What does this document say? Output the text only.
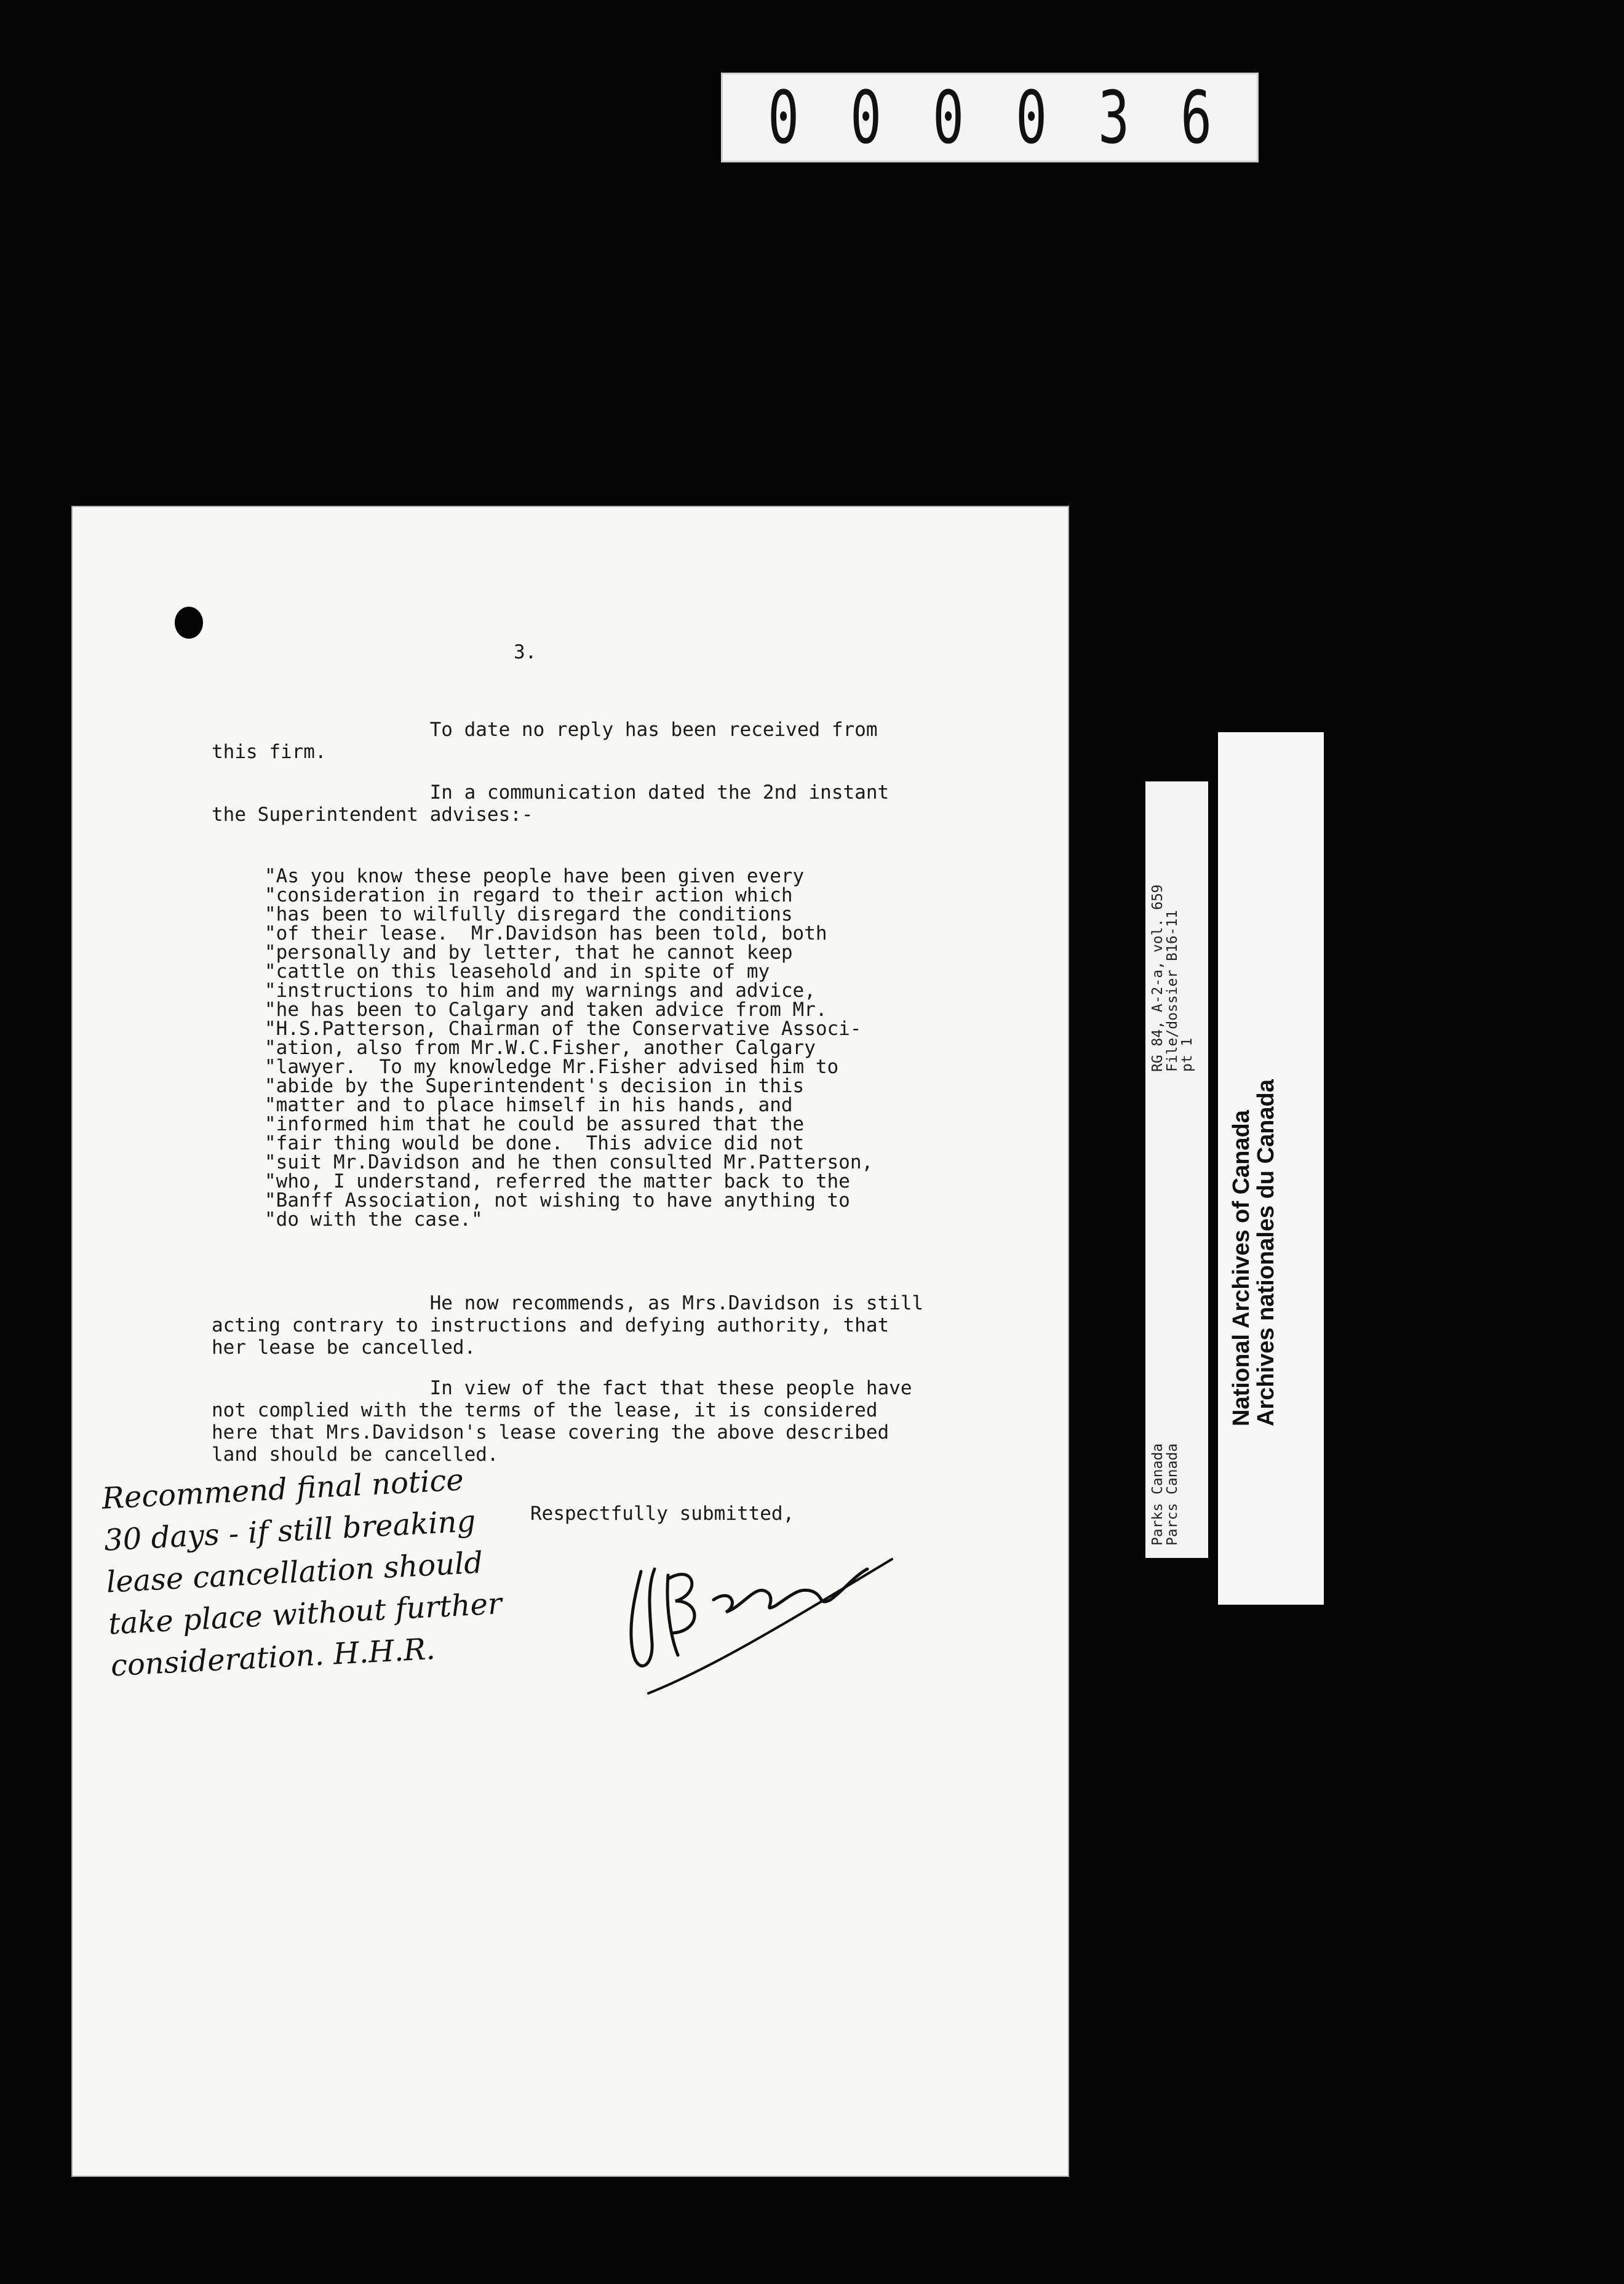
0 0 0 0 3 6

3.

To date no reply has been received from

this firm.

In a communication dated the 2nd instant

the Superintendent advises:-

"As you know these people have been given every

"consideration in regard to their action which

"has been to wilfully disregard the conditions

"of their lease.  Mr.Davidson has been told, both

"personally and by letter, that he cannot keep

"cattle on this leasehold and in spite of my

"instructions to him and my warnings and advice,

"he has been to Calgary and taken advice from Mr.

"H.S.Patterson, Chairman of the Conservative Associ-

"ation, also from Mr.W.C.Fisher, another Calgary

"lawyer.  To my knowledge Mr.Fisher advised him to

"abide by the Superintendent's decision in this

"matter and to place himself in his hands, and

"informed him that he could be assured that the

"fair thing would be done.  This advice did not

"suit Mr.Davidson and he then consulted Mr.Patterson,

"who, I understand, referred the matter back to the

"Banff Association, not wishing to have anything to

"do with the case."

He now recommends, as Mrs.Davidson is still

acting contrary to instructions and defying authority, that

her lease be cancelled.

In view of the fact that these people have

not complied with the terms of the lease, it is considered

here that Mrs.Davidson's lease covering the above described

land should be cancelled.

Respectfully submitted,

Recommend final notice
30 days - if still breaking
lease cancellation should
take place without further
consideration. H.H.R.
Parks Canada
Parcs Canada
RG 84, A-2-a, vol. 659
File/dossier B16-11
pt 1
National Archives of Canada
Archives nationales du Canada
